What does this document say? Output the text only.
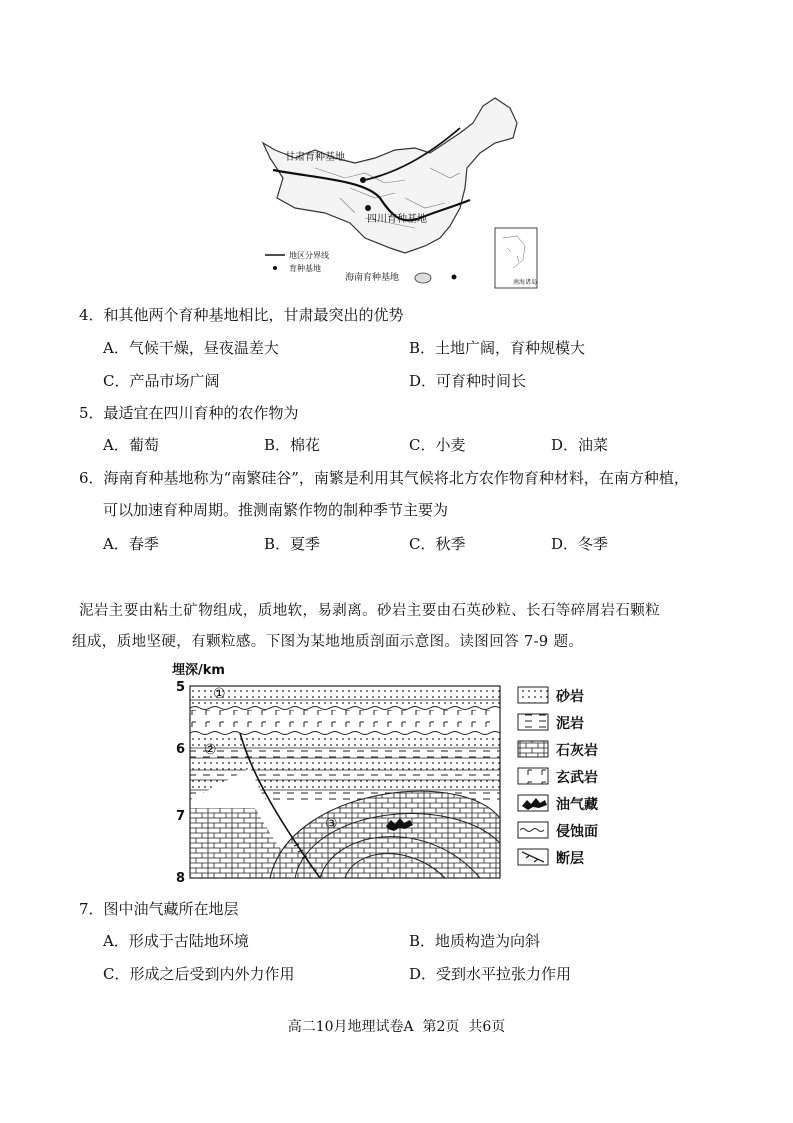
甘肃育种基地
四川育种基地
海南育种基地
地区分界线
育种基地
南海诸岛
4．和其他两个育种基地相比，甘肃最突出的优势
A．气候干燥，昼夜温差大	B．土地广阔，育种规模大
C．产品市场广阔	D．可育种时间长
5．最适宜在四川育种的农作物为
A．葡萄	B．棉花	C．小麦	D．油菜
6．海南育种基地称为“南繁硅谷”，南繁是利用其气候将北方农作物育种材料，在南方种植，
可以加速育种周期。推测南繁作物的制种季节主要为
A．春季	B．夏季	C．秋季	D．冬季
泥岩主要由粘土矿物组成，质地软，易剥离。砂岩主要由石英砂粒、长石等碎屑岩石颗粒
组成，质地坚硬，有颗粒感。下图为某地地质剖面示意图。读图回答 7-9 题。
埋深/km
5
6
7
8
①
②
③
砂岩
泥岩
石灰岩
玄武岩
油气藏
侵蚀面
断层
7．图中油气藏所在地层
A．形成于古陆地环境	B．地质构造为向斜
C．形成之后受到内外力作用	D．受到水平拉张力作用
高二10月地理试卷A  第2页  共6页
